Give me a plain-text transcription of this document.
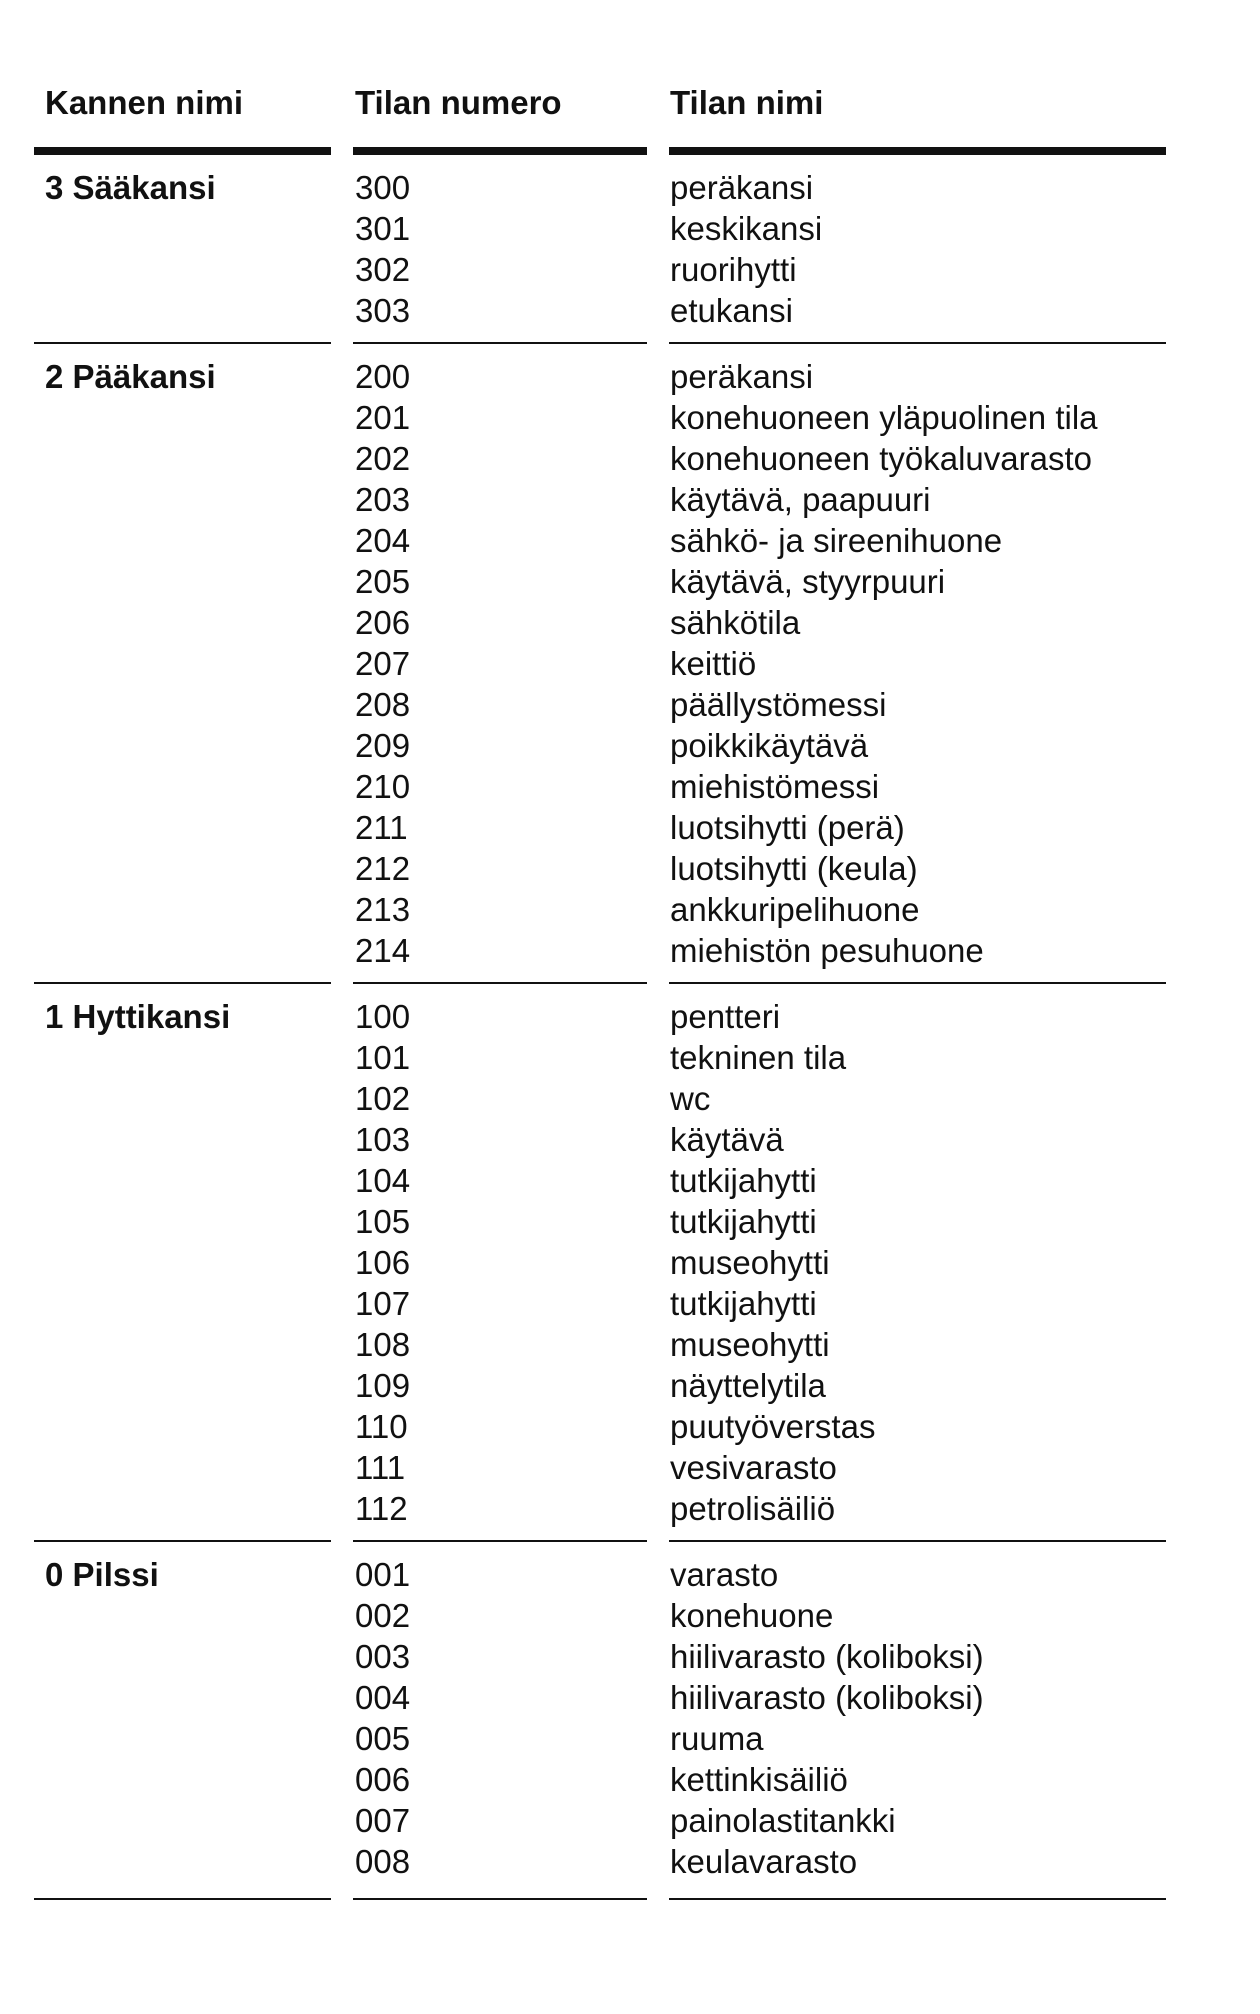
Kannen nimi	Tilan numero	Tilan nimi
3 Sääkansi	300	peräkansi
301	keskikansi
302	ruorihytti
303	etukansi
2 Pääkansi	200	peräkansi
201	konehuoneen yläpuolinen tila
202	konehuoneen työkaluvarasto
203	käytävä, paapuuri
204	sähkö- ja sireenihuone
205	käytävä, styyrpuuri
206	sähkötila
207	keittiö
208	päällystömessi
209	poikkikäytävä
210	miehistömessi
211	luotsihytti (perä)
212	luotsihytti (keula)
213	ankkuripelihuone
214	miehistön pesuhuone
1 Hyttikansi	100	pentteri
101	tekninen tila
102	wc
103	käytävä
104	tutkijahytti
105	tutkijahytti
106	museohytti
107	tutkijahytti
108	museohytti
109	näyttelytila
110	puutyöverstas
111	vesivarasto
112	petrolisäiliö
0 Pilssi	001	varasto
002	konehuone
003	hiilivarasto (koliboksi)
004	hiilivarasto (koliboksi)
005	ruuma
006	kettinkisäiliö
007	painolastitankki
008	keulavarasto
